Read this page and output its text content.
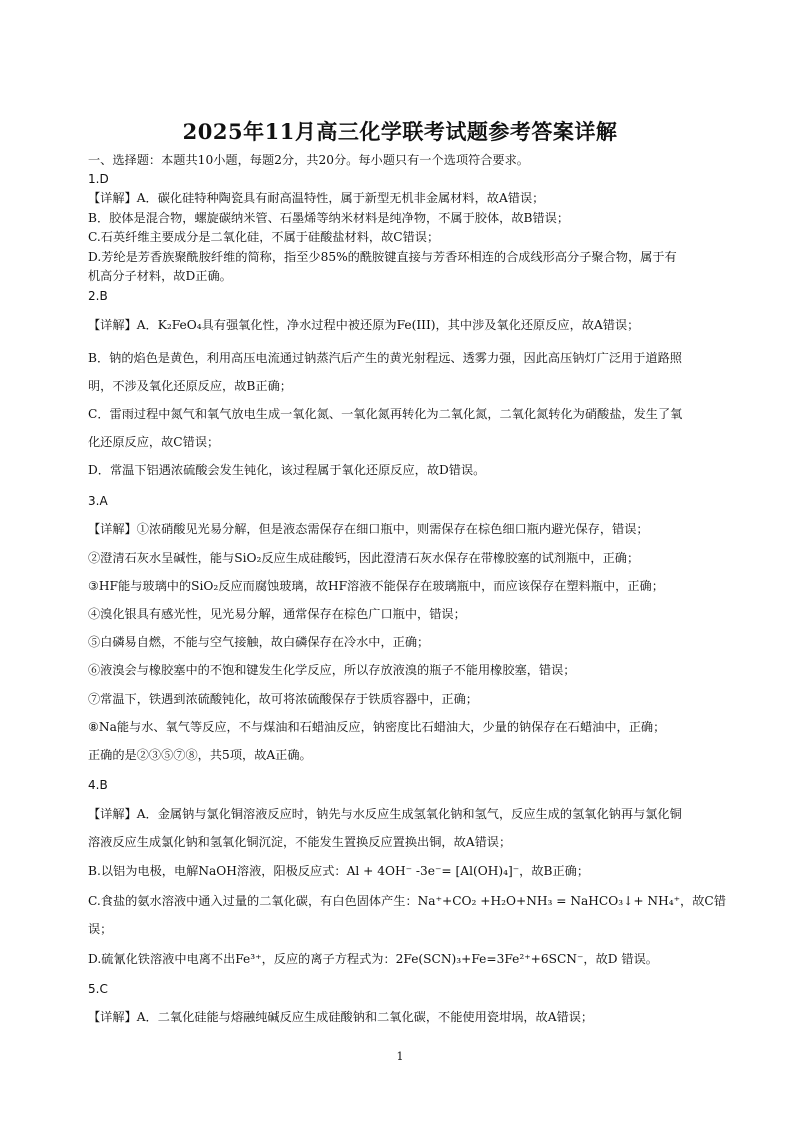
2025年11月高三化学联考试题参考答案详解
一、选择题：本题共10小题，每题2分，共20分。每小题只有一个选项符合要求。
1.D
【详解】A．碳化硅特种陶瓷具有耐高温特性，属于新型无机非金属材料，故A错误；
B．胶体是混合物，螺旋碳纳米管、石墨烯等纳米材料是纯净物，不属于胶体，故B错误；
C.石英纤维主要成分是二氧化硅，不属于硅酸盐材料，故C错误；
D.芳纶是芳香族聚酰胺纤维的简称，指至少85%的酰胺键直接与芳香环相连的合成线形高分子聚合物，属于有
机高分子材料，故D正确。
2.B
【详解】A．K₂FeO₄具有强氧化性，净水过程中被还原为Fe(III)，其中涉及氧化还原反应，故A错误；
B．钠的焰色是黄色，利用高压电流通过钠蒸汽后产生的黄光射程远、透雾力强，因此高压钠灯广泛用于道路照
明，不涉及氧化还原反应，故B正确；
C．雷雨过程中氮气和氧气放电生成一氧化氮、一氧化氮再转化为二氧化氮，二氧化氮转化为硝酸盐，发生了氧
化还原反应，故C错误；
D．常温下铝遇浓硫酸会发生钝化，该过程属于氧化还原反应，故D错误。
3.A
【详解】①浓硝酸见光易分解，但是液态需保存在细口瓶中，则需保存在棕色细口瓶内避光保存，错误；
②澄清石灰水呈碱性，能与SiO₂反应生成硅酸钙，因此澄清石灰水保存在带橡胶塞的试剂瓶中，正确；
③HF能与玻璃中的SiO₂反应而腐蚀玻璃，故HF溶液不能保存在玻璃瓶中，而应该保存在塑料瓶中，正确；
④溴化银具有感光性，见光易分解，通常保存在棕色广口瓶中，错误；
⑤白磷易自燃，不能与空气接触，故白磷保存在冷水中，正确；
⑥液溴会与橡胶塞中的不饱和键发生化学反应，所以存放液溴的瓶子不能用橡胶塞，错误；
⑦常温下，铁遇到浓硫酸钝化，故可将浓硫酸保存于铁质容器中，正确；
⑧Na能与水、氧气等反应，不与煤油和石蜡油反应，钠密度比石蜡油大，少量的钠保存在石蜡油中，正确；
正确的是②③⑤⑦⑧，共5项，故A正确。
4.B
【详解】A．金属钠与氯化铜溶液反应时，钠先与水反应生成氢氧化钠和氢气，反应生成的氢氧化钠再与氯化铜
溶液反应生成氯化钠和氢氧化铜沉淀，不能发生置换反应置换出铜，故A错误；
B.以铝为电极，电解NaOH溶液，阳极反应式：Al + 4OH⁻ -3e⁻= [Al(OH)₄]⁻，故B正确；
C.食盐的氨水溶液中通入过量的二氧化碳，有白色固体产生：Na⁺+CO₂ +H₂O+NH₃ = NaHCO₃↓+ NH₄⁺，故C错
误；
D.硫氰化铁溶液中电离不出Fe³⁺，反应的离子方程式为：2Fe(SCN)₃+Fe=3Fe²⁺+6SCN⁻，故D 错误。
5.C
【详解】A．二氧化硅能与熔融纯碱反应生成硅酸钠和二氧化碳，不能使用瓷坩埚，故A错误；
1
